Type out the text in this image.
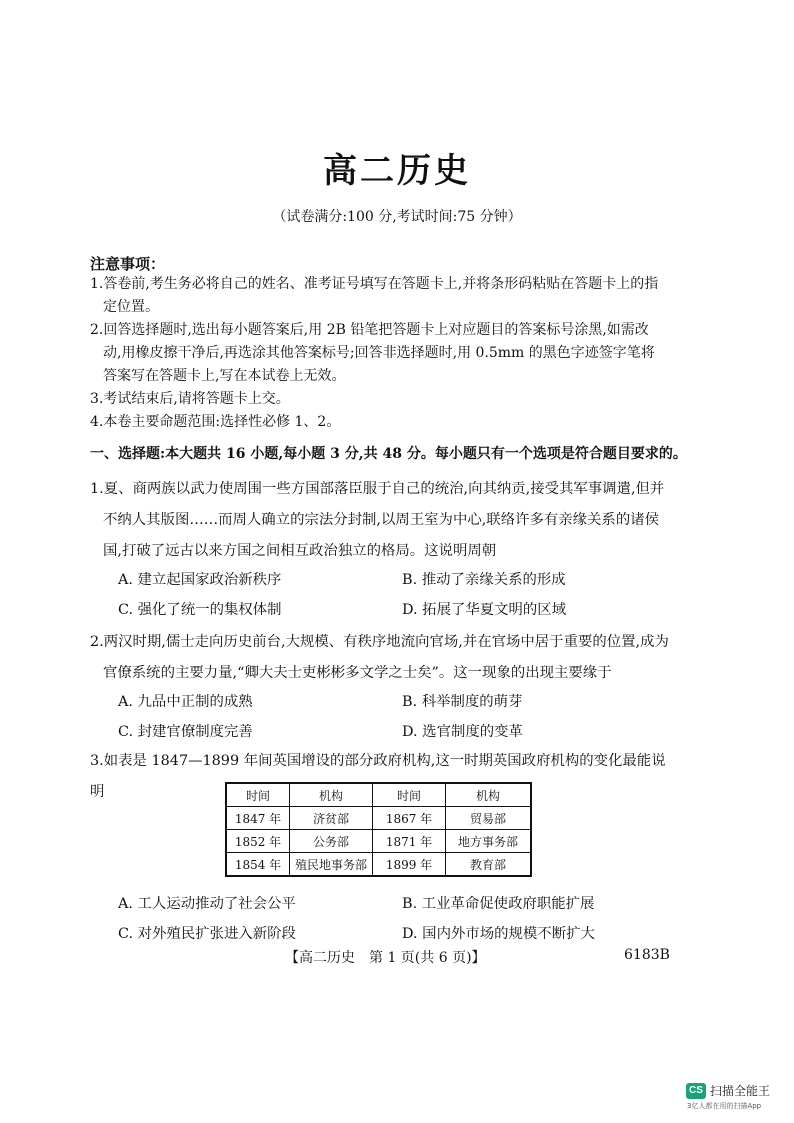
高二历史
（试卷满分:100 分,考试时间:75 分钟）
注意事项：
1.答卷前,考生务必将自己的姓名、准考证号填写在答题卡上,并将条形码粘贴在答题卡上的指
定位置。
2.回答选择题时,选出每小题答案后,用 2B 铅笔把答题卡上对应题目的答案标号涂黑,如需改
动,用橡皮擦干净后,再选涂其他答案标号;回答非选择题时,用 0.5mm 的黑色字迹签字笔将
答案写在答题卡上,写在本试卷上无效。
3.考试结束后,请将答题卡上交。
4.本卷主要命题范围:选择性必修 1、2。
一、选择题:本大题共 16 小题,每小题 3 分,共 48 分。每小题只有一个选项是符合题目要求的。
1.夏、商两族以武力使周围一些方国部落臣服于自己的统治,向其纳贡,接受其军事调遣,但并
不纳人其版图……而周人确立的宗法分封制,以周王室为中心,联络许多有亲缘关系的诸侯
国,打破了远古以来方国之间相互政治独立的格局。这说明周朝
A. 建立起国家政治新秩序	B. 推动了亲缘关系的形成
C. 强化了统一的集权体制	D. 拓展了华夏文明的区域
2.两汉时期,儒士走向历史前台,大规模、有秩序地流向官场,并在官场中居于重要的位置,成为
官僚系统的主要力量,“卿大夫士吏彬彬多文学之士矣”。这一现象的出现主要缘于
A. 九品中正制的成熟	B. 科举制度的萌芽
C. 封建官僚制度完善	D. 选官制度的变革
3.如表是 1847—1899 年间英国增设的部分政府机构,这一时期英国政府机构的变化最能说明	时间	机构	时间	机构
1847 年	济贫部	1867 年	贸易部
1852 年	公务部	1871 年	地方事务部
1854 年	殖民地事务部	1899 年	教育部
A. 工人运动推动了社会公平	B. 工业革命促使政府职能扩展
C. 对外殖民扩张进入新阶段	D. 国内外市场的规模不断扩大
【高二历史　第 1 页(共 6 页)】	6183B
CS 扫描全能王
3亿人都在用的扫描App
